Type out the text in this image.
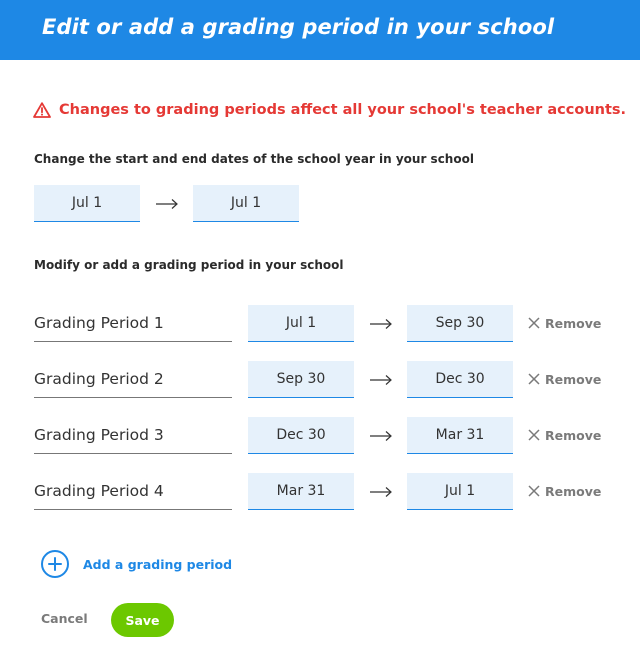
Edit or add a grading period in your school
Changes to grading periods affect all your school's teacher accounts.
Change the start and end dates of the school year in your school
Jul 1	Jul 1
Modify or add a grading period in your school
Grading Period 1	Jul 1	Sep 30	Remove
Grading Period 2	Sep 30	Dec 30	Remove
Grading Period 3	Dec 30	Mar 31	Remove
Grading Period 4	Mar 31	Jul 1	Remove
Add a grading period
Cancel	Save
